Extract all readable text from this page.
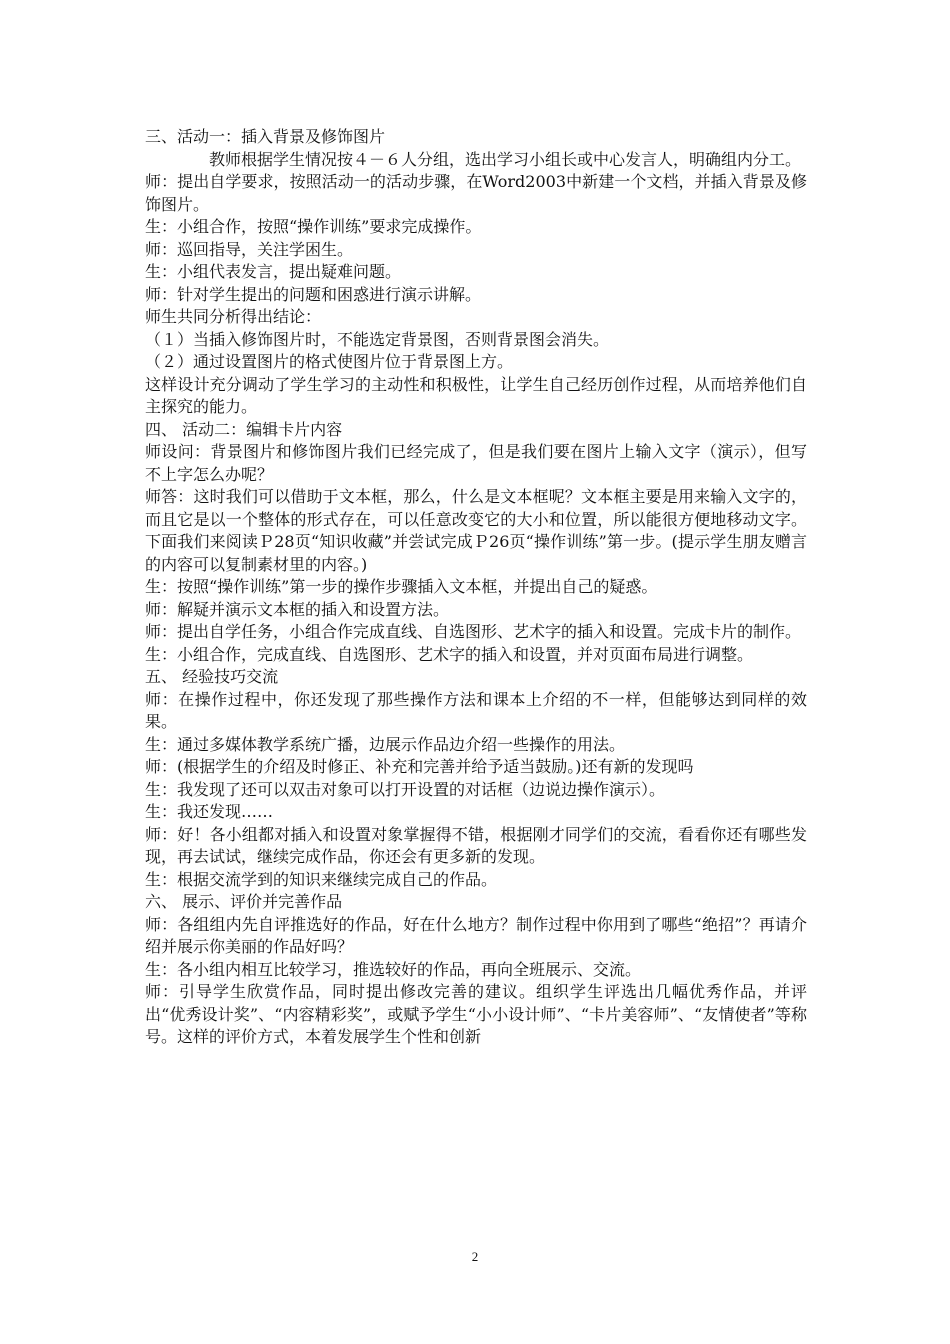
三、活动一：插入背景及修饰图片

教师根据学生情况按４－６人分组，选出学习小组长或中心发言人，明确组内分工。

师：提出自学要求，按照活动一的活动步骤，在Word2003中新建一个文档，并插入背景及修饰图片。

生：小组合作，按照“操作训练”要求完成操作。

师：巡回指导，关注学困生。

生：小组代表发言，提出疑难问题。

师：针对学生提出的问题和困惑进行演示讲解。

师生共同分析得出结论：

（１）当插入修饰图片时，不能选定背景图，否则背景图会消失。

（２）通过设置图片的格式使图片位于背景图上方。

这样设计充分调动了学生学习的主动性和积极性，让学生自己经历创作过程，从而培养他们自主探究的能力。

四、 活动二：编辑卡片内容

师设问：背景图片和修饰图片我们已经完成了，但是我们要在图片上输入文字（演示），但写不上字怎么办呢？

师答：这时我们可以借助于文本框，那么，什么是文本框呢？文本框主要是用来输入文字的，而且它是以一个整体的形式存在，可以任意改变它的大小和位置，所以能很方便地移动文字。下面我们来阅读Ｐ28页“知识收藏”并尝试完成Ｐ26页“操作训练”第一步。(提示学生朋友赠言的内容可以复制素材里的内容。)

生：按照“操作训练”第一步的操作步骤插入文本框，并提出自己的疑惑。

师：解疑并演示文本框的插入和设置方法。

师：提出自学任务，小组合作完成直线、自选图形、艺术字的插入和设置。完成卡片的制作。

生：小组合作，完成直线、自选图形、艺术字的插入和设置，并对页面布局进行调整。

五、 经验技巧交流

师：在操作过程中，你还发现了那些操作方法和课本上介绍的不一样，但能够达到同样的效果。

生：通过多媒体教学系统广播，边展示作品边介绍一些操作的用法。

师：(根据学生的介绍及时修正、补充和完善并给予适当鼓励。)还有新的发现吗

生：我发现了还可以双击对象可以打开设置的对话框（边说边操作演示）。

生：我还发现……

师：好！各小组都对插入和设置对象掌握得不错，根据刚才同学们的交流，看看你还有哪些发现，再去试试，继续完成作品，你还会有更多新的发现。

生：根据交流学到的知识来继续完成自己的作品。

六、 展示、评价并完善作品

师：各组组内先自评推选好的作品，好在什么地方？制作过程中你用到了哪些“绝招”？再请介绍并展示你美丽的作品好吗？

生：各小组内相互比较学习，推选较好的作品，再向全班展示、交流。

师：引导学生欣赏作品，同时提出修改完善的建议。组织学生评选出几幅优秀作品，并评出“优秀设计奖”、“内容精彩奖”，或赋予学生“小小设计师”、“卡片美容师”、“友情使者”等称号。这样的评价方式，本着发展学生个性和创新

2
